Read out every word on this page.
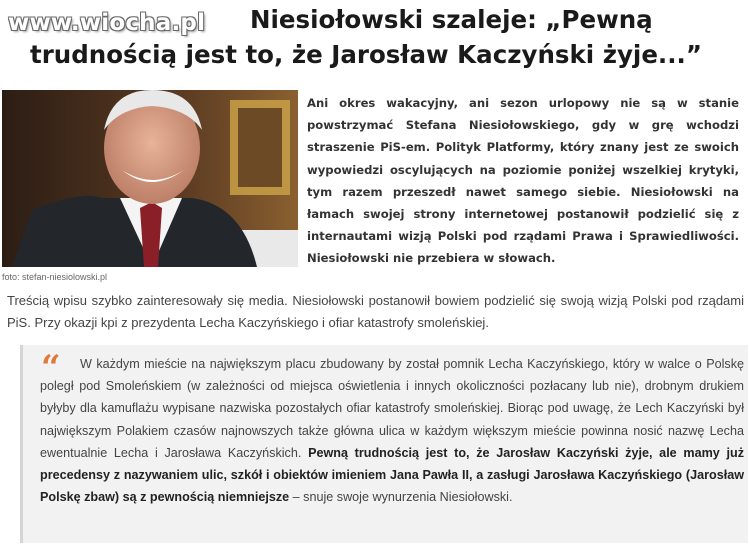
www.wiocha.pl	Niesiołowski szaleje: „Pewną
trudnością jest to, że Jarosław Kaczyński żyje...”
foto: stefan-niesiolowski.pl

Ani okres wakacyjny, ani sezon urlopowy nie są w stanie powstrzymać Stefana Niesiołowskiego, gdy w grę wchodzi straszenie PiS-em. Polityk Platformy, który znany jest ze swoich wypowiedzi oscylujących na poziomie poniżej wszelkiej krytyki, tym razem przeszedł nawet samego siebie. Niesiołowski na łamach swojej strony internetowej postanowił podzielić się z internautami wizją Polski pod rządami Prawa i Sprawiedliwości. Niesiołowski nie przebiera w słowach.

Treścią wpisu szybko zainteresowały się media. Niesiołowski postanowił bowiem podzielić się swoją wizją Polski pod rządami PiS. Przy okazji kpi z prezydenta Lecha Kaczyńskiego i ofiar katastrofy smoleńskiej.

“	W każdym mieście na największym placu zbudowany by został pomnik Lecha Kaczyńskiego, który w walce o Polskę poległ pod Smoleńskiem (w zależności od miejsca oświetlenia i innych okoliczności pozłacany lub nie), drobnym drukiem byłyby dla kamuflażu wypisane nazwiska pozostałych ofiar katastrofy smoleńskiej. Biorąc pod uwagę, że Lech Kaczyński był największym Polakiem czasów najnowszych także główna ulica w każdym większym mieście powinna nosić nazwę Lecha ewentualnie Lecha i Jarosława Kaczyńskich. Pewną trudnością jest to, że Jarosław Kaczyński żyje, ale mamy już precedensy z nazywaniem ulic, szkół i obiektów imieniem Jana Pawła II, a zasługi Jarosława Kaczyńskiego (Jarosław Polskę zbaw) są z pewnością niemniejsze – snuje swoje wynurzenia Niesiołowski.
